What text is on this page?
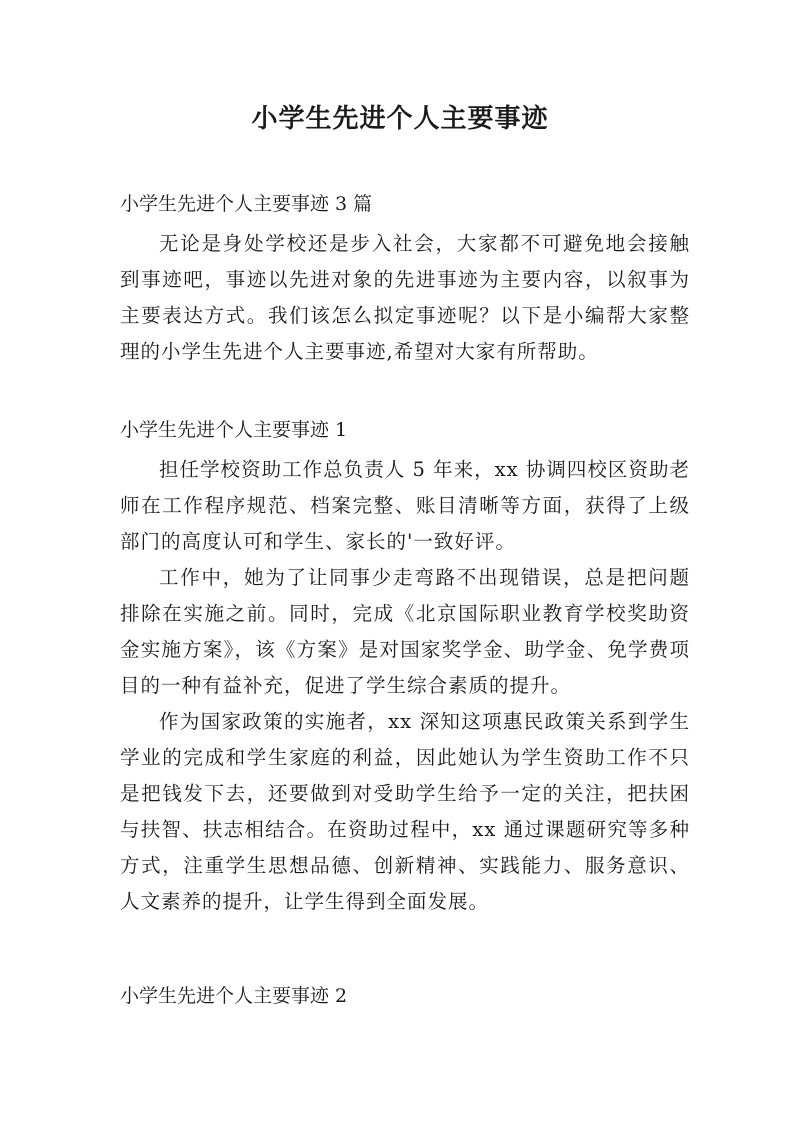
小学生先进个人主要事迹
小学生先进个人主要事迹 3 篇

无论是身处学校还是步入社会，大家都不可避免地会接触到事迹吧，事迹以先进对象的先进事迹为主要内容，以叙事为主要表达方式。我们该怎么拟定事迹呢？以下是小编帮大家整理的小学生先进个人主要事迹,希望对大家有所帮助。

小学生先进个人主要事迹 1

担任学校资助工作总负责人 5 年来，xx 协调四校区资助老师在工作程序规范、档案完整、账目清晰等方面，获得了上级部门的高度认可和学生、家长的'一致好评。

工作中，她为了让同事少走弯路不出现错误，总是把问题排除在实施之前。同时，完成《北京国际职业教育学校奖助资金实施方案》，该《方案》是对国家奖学金、助学金、免学费项目的一种有益补充，促进了学生综合素质的提升。

作为国家政策的实施者，xx 深知这项惠民政策关系到学生学业的完成和学生家庭的利益，因此她认为学生资助工作不只是把钱发下去，还要做到对受助学生给予一定的关注，把扶困与扶智、扶志相结合。在资助过程中，xx 通过课题研究等多种方式，注重学生思想品德、创新精神、实践能力、服务意识、人文素养的提升，让学生得到全面发展。

小学生先进个人主要事迹 2
